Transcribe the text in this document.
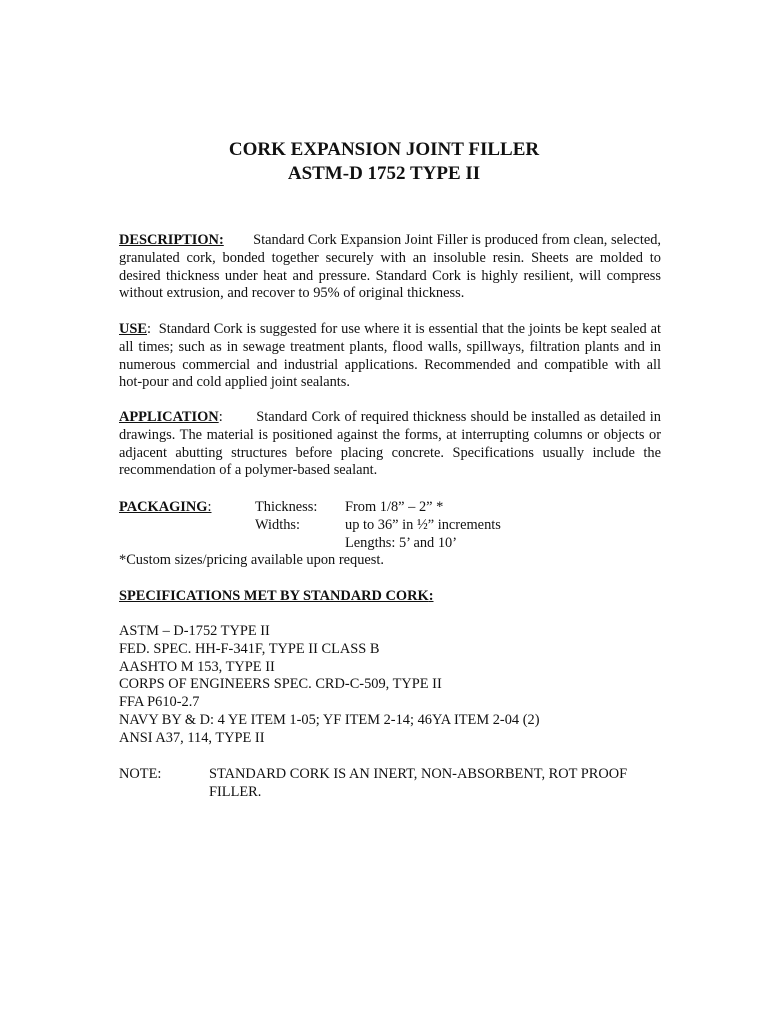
CORK EXPANSION JOINT FILLER
ASTM-D 1752 TYPE II

DESCRIPTION: Standard Cork Expansion Joint Filler is produced from clean, selected, granulated cork, bonded together securely with an insoluble resin. Sheets are molded to desired thickness under heat and pressure. Standard Cork is highly resilient, will compress without extrusion, and recover to 95% of original thickness.

USE: Standard Cork is suggested for use where it is essential that the joints be kept sealed at all times; such as in sewage treatment plants, flood walls, spillways, filtration plants and in numerous commercial and industrial applications. Recommended and compatible with all hot-pour and cold applied joint sealants.

APPLICATION: Standard Cork of required thickness should be installed as detailed in drawings. The material is positioned against the forms, at interrupting columns or objects or adjacent abutting structures before placing concrete. Specifications usually include the recommendation of a polymer-based sealant.

PACKAGING:	Thickness: From 1/8” – 2” *
Widths:	up to 36” in ½” increments
Lengths: 5’ and 10’
*Custom sizes/pricing available upon request.
SPECIFICATIONS MET BY STANDARD CORK:
ASTM – D-1752 TYPE II
FED. SPEC. HH-F-341F, TYPE II CLASS B
AASHTO M 153, TYPE II
CORPS OF ENGINEERS SPEC. CRD-C-509, TYPE II
FFA P610-2.7
NAVY BY & D: 4 YE ITEM 1-05; YF ITEM 2-14; 46YA ITEM 2-04 (2)
ANSI A37, 114, TYPE II
NOTE:	STANDARD CORK IS AN INERT, NON-ABSORBENT, ROT PROOF FILLER.
